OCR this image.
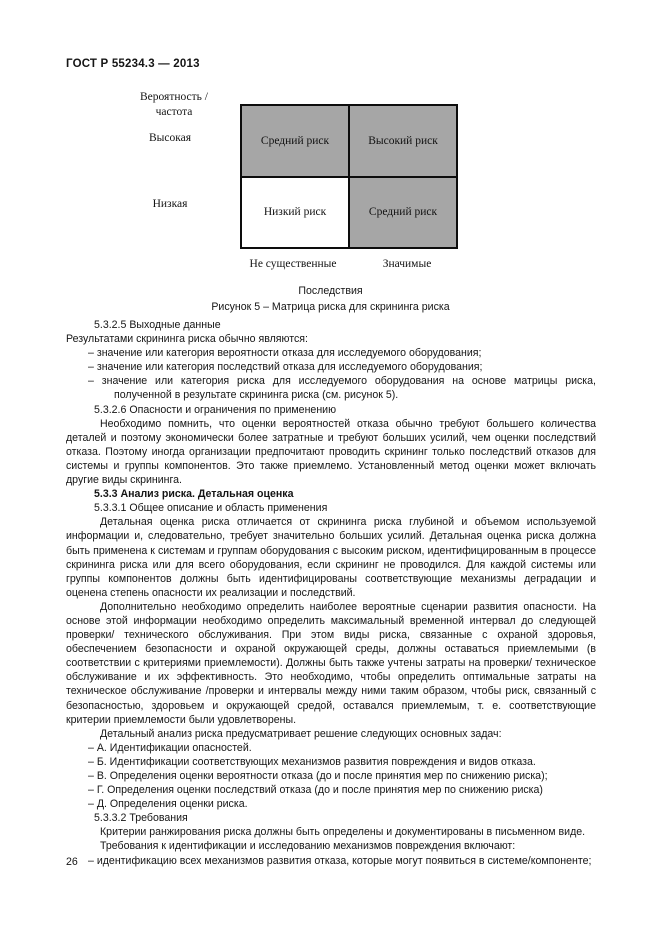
ГОСТ Р 55234.3 — 2013
Вероятность /
частота
Высокая
Низкая
Средний риск	Высокий риск
Низкий риск	Средний риск
Не существенные	Значимые
Последствия
Рисунок 5 – Матрица риска для скрининга риска

5.3.2.5 Выходные данные

Результатами скрининга риска обычно являются:

– значение или категория вероятности отказа для исследуемого оборудования;

– значение или категория последствий отказа для исследуемого оборудования;

– значение или категория риска для исследуемого оборудования на основе матрицы риска, полученной в результате скрининга риска (см. рисунок 5).

5.3.2.6 Опасности и ограничения по применению

Необходимо помнить, что оценки вероятностей отказа обычно требуют большего количества деталей и поэтому экономически более затратные и требуют больших усилий, чем оценки последствий отказа. Поэтому иногда организации предпочитают проводить скрининг только последствий отказов для системы и группы компонентов. Это также приемлемо. Установленный метод оценки может включать другие виды скрининга.

5.3.3 Анализ риска. Детальная оценка

5.3.3.1 Общее описание и область применения

Детальная оценка риска отличается от скрининга риска глубиной и объемом используемой информации и, следовательно, требует значительно больших усилий. Детальная оценка риска должна быть применена к системам и группам оборудования с высоким риском, идентифицированным в процессе скрининга риска или для всего оборудования, если скрининг не проводился. Для каждой системы или группы компонентов должны быть идентифицированы соответствующие механизмы деградации и оценена степень опасности их реализации и последствий.

Дополнительно необходимо определить наиболее вероятные сценарии развития опасности. На основе этой информации необходимо определить максимальный временной интервал до следующей проверки/ технического обслуживания. При этом виды риска, связанные с охраной здоровья, обеспечением безопасности и охраной окружающей среды, должны оставаться приемлемыми (в соответствии с критериями приемлемости). Должны быть также учтены затраты на проверки/ техническое обслуживание и их эффективность. Это необходимо, чтобы определить оптимальные затраты на техническое обслуживание /проверки и интервалы между ними таким образом, чтобы риск, связанный с безопасностью, здоровьем и окружающей средой, оставался приемлемым, т. е. соответствующие критерии приемлемости были удовлетворены.

Детальный анализ риска предусматривает решение следующих основных задач:

– А. Идентификации опасностей.

– Б. Идентификации соответствующих механизмов развития повреждения и видов отказа.

– В. Определения оценки вероятности отказа (до и после принятия мер по снижению риска);

– Г. Определения оценки последствий отказа (до и после принятия мер по снижению риска)

– Д. Определения оценки риска.

5.3.3.2 Требования

Критерии ранжирования риска должны быть определены и документированы в письменном виде.

Требования к идентификации и исследованию механизмов повреждения включают:

– идентификацию всех механизмов развития отказа, которые могут появиться в системе/компоненте;

26
